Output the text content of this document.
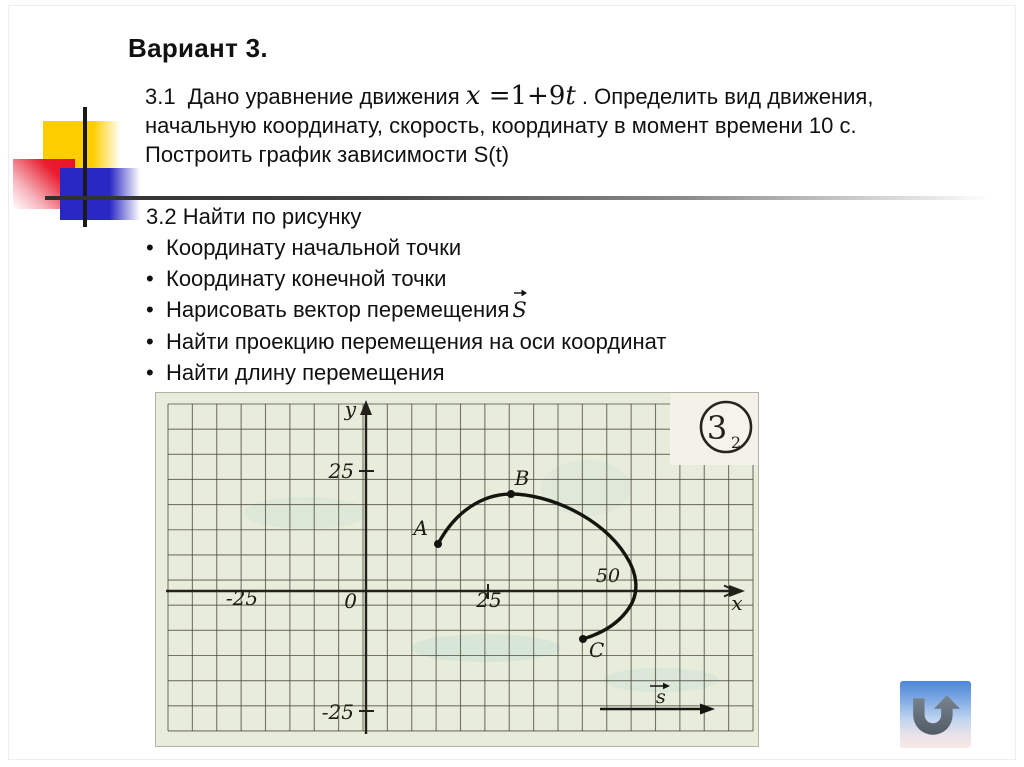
Вариант 3.
3.1  Дано уравнение движения x =1+9t . Определить вид движения, начальную координату, скорость, координату в момент времени 10 с. Построить график зависимости S(t)
3.2 Найти по рисунку
• Координату начальной точки
• Координату конечной точки
• Нарисовать вектор перемещения S
• Найти проекцию перемещения на оси координат
• Найти длину перемещения
3 2
y
x
0	25
-25
25
-25
50
A
B
C
s
